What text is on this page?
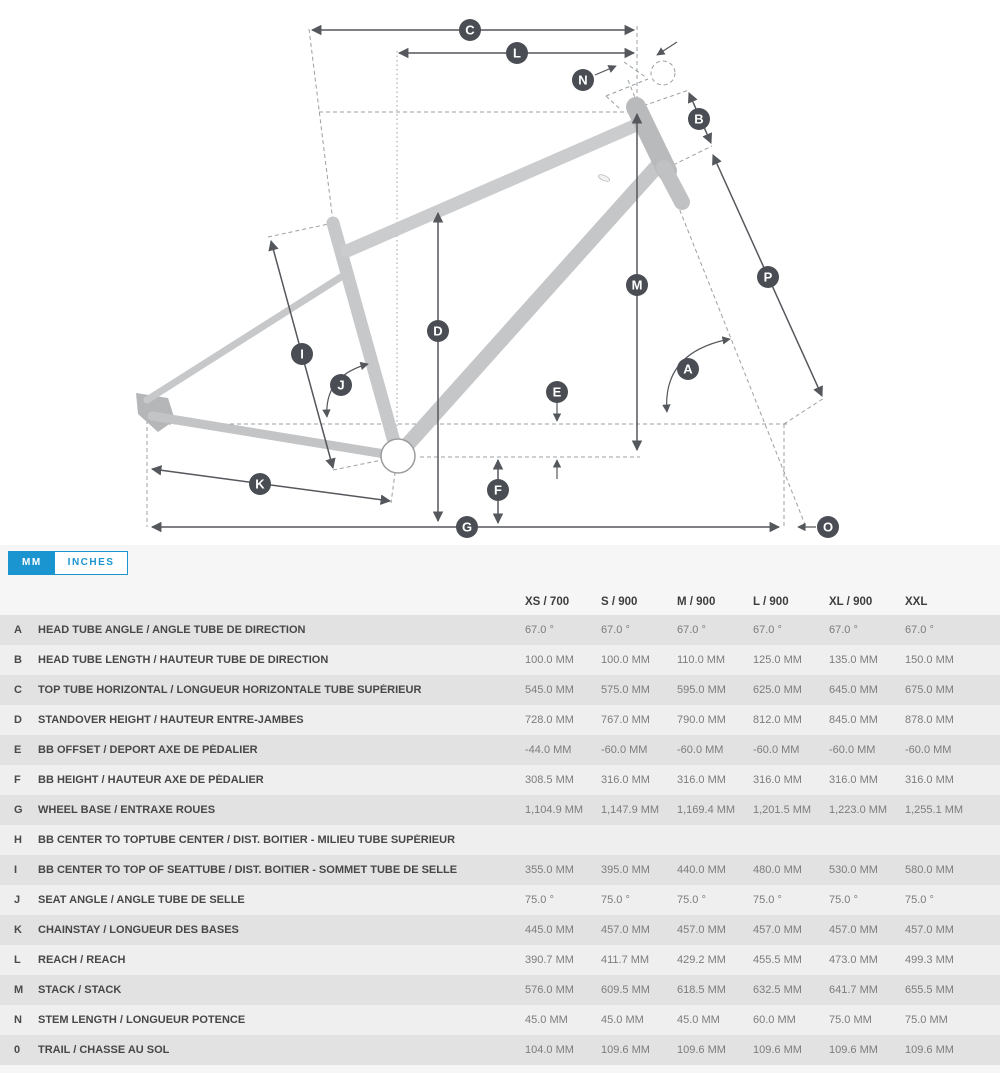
C
L
N
B
M
P
D
I
J	E
A
K	F
G	O
MM	INCHES
XS / 700	S / 900	M / 900	L / 900	XL / 900	XXL
A	HEAD TUBE ANGLE / ANGLE TUBE DE DIRECTION	67.0 °	67.0 °	67.0 °	67.0 °	67.0 °	67.0 °
B	HEAD TUBE LENGTH / HAUTEUR TUBE DE DIRECTION	100.0 MM	100.0 MM	110.0 MM	125.0 MM	135.0 MM	150.0 MM
C	TOP TUBE HORIZONTAL / LONGUEUR HORIZONTALE TUBE SUPÉRIEUR	545.0 MM	575.0 MM	595.0 MM	625.0 MM	645.0 MM	675.0 MM
D	STANDOVER HEIGHT / HAUTEUR ENTRE-JAMBES	728.0 MM	767.0 MM	790.0 MM	812.0 MM	845.0 MM	878.0 MM
E	BB OFFSET / DEPORT AXE DE PÉDALIER	-44.0 MM	-60.0 MM	-60.0 MM	-60.0 MM	-60.0 MM	-60.0 MM
F	BB HEIGHT / HAUTEUR AXE DE PÉDALIER	308.5 MM	316.0 MM	316.0 MM	316.0 MM	316.0 MM	316.0 MM
G	WHEEL BASE / ENTRAXE ROUES	1,104.9 MM	1,147.9 MM	1,169.4 MM	1,201.5 MM	1,223.0 MM	1,255.1 MM
H	BB CENTER TO TOPTUBE CENTER / DIST. BOITIER - MILIEU TUBE SUPÉRIEUR
I	BB CENTER TO TOP OF SEATTUBE / DIST. BOITIER - SOMMET TUBE DE SELLE	355.0 MM	395.0 MM	440.0 MM	480.0 MM	530.0 MM	580.0 MM
J	SEAT ANGLE / ANGLE TUBE DE SELLE	75.0 °	75.0 °	75.0 °	75.0 °	75.0 °	75.0 °
K	CHAINSTAY / LONGUEUR DES BASES	445.0 MM	457.0 MM	457.0 MM	457.0 MM	457.0 MM	457.0 MM
L	REACH / REACH	390.7 MM	411.7 MM	429.2 MM	455.5 MM	473.0 MM	499.3 MM
M	STACK / STACK	576.0 MM	609.5 MM	618.5 MM	632.5 MM	641.7 MM	655.5 MM
N	STEM LENGTH / LONGUEUR POTENCE	45.0 MM	45.0 MM	45.0 MM	60.0 MM	75.0 MM	75.0 MM
0	TRAIL / CHASSE AU SOL	104.0 MM	109.6 MM	109.6 MM	109.6 MM	109.6 MM	109.6 MM
